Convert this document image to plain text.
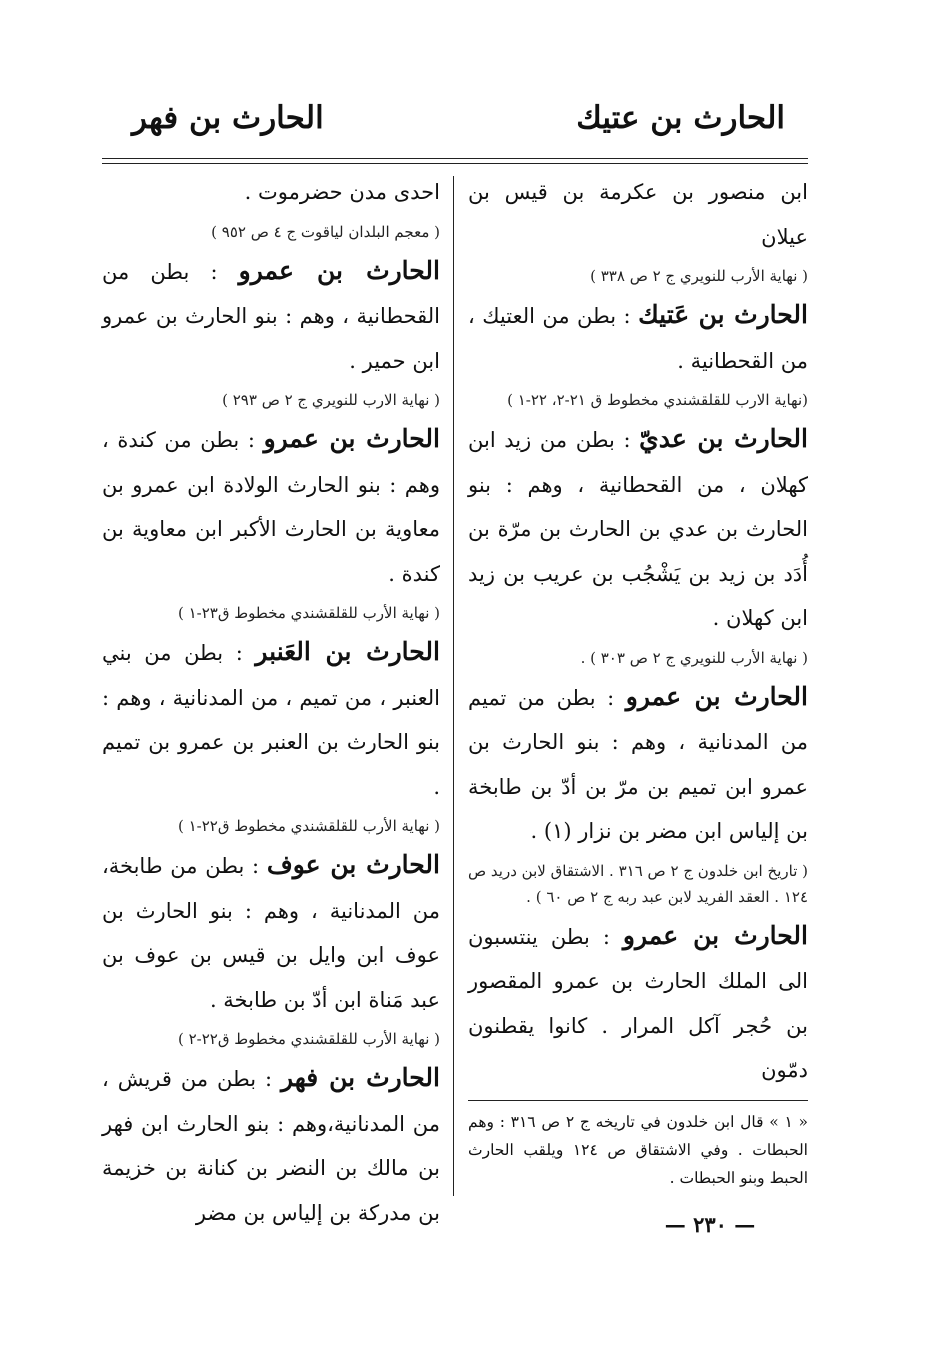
الحارث بن عتيك
الحارث بن فهر

ابن منصور بن عكرمة بن قيس بن عيلان

( نهاية الأرب للنويري ج ٢ ص ٣٣٨ )

الحارث بن عَتيك : بطن من العتيك ، من القحطانية .

(نهاية الارب للقلقشندي مخطوط ق ٢١-٢، ٢٢-١ )

الحارث بن عديّ : بطن من زيد ابن كهلان ، من القحطانية ، وهم : بنو الحارث بن عدي بن الحارث بن مرّة بن أُدَد بن زيد بن يَشْجُب بن عريب بن زيد ابن كهلان .

( نهاية الأرب للنويري ج ٢ ص ٣٠٣ ) .

الحارث بن عمرو : بطن من تميم من المدنانية ، وهم : بنو الحارث بن عمرو ابن تميم بن مرّ بن أدّ بن طابخة بن إلياس ابن مضر بن نزار (١) .

( تاريخ ابن خلدون ج ٢ ص ٣١٦ . الاشتقاق لابن دريد ص ١٢٤ . العقد الفريد لابن عبد ربه ج ٢ ص ٦٠ ) .

الحارث بن عمرو : بطن ينتسبون الى الملك الحارث بن عمرو المقصور بن حُجر آكل المرار . كانوا يقطنون دمّون

احدى مدن حضرموت .

( معجم البلدان لياقوت ج ٤ ص ٩٥٢ )

الحارث بن عمرو : بطن من القحطانية ، وهم : بنو الحارث بن عمرو ابن حمير .

( نهاية الارب للنويري ج ٢ ص ٢٩٣ )

الحارث بن عمرو : بطن من كندة ، وهم : بنو الحارث الولادة ابن عمرو بن معاوية بن الحارث الأكبر ابن معاوية بن كندة .

( نهاية الأرب للقلقشندي مخطوط ق٢٣-١ )

الحارث بن العَنبر : بطن من بني العنبر ، من تميم ، من المدنانية ، وهم : بنو الحارث بن العنبر بن عمرو بن تميم .

( نهاية الأرب للقلقشندي مخطوط ق٢٢-١ )

الحارث بن عوف : بطن من طابخة، من المدنانية ، وهم : بنو الحارث بن عوف ابن وايل بن قيس بن عوف بن عبد مَناة ابن أدّ بن طابخة .

( نهاية الأرب للقلقشندي مخطوط ق٢٢-٢ )

الحارث بن فهر : بطن من قريش ، من المدنانية،وهم : بنو الحارث ابن فهر بن مالك بن النضر بن كنانة بن خزيمة بن مدركة بن إلياس بن مضر

« ١ » قال ابن خلدون في تاريخه ج ٢ ص ٣١٦ : وهم الحبطات . وفي الاشتقاق ص ١٢٤ ويلقب الحارث الحبط وبنو الحبطات .
— ٢٣٠ —
